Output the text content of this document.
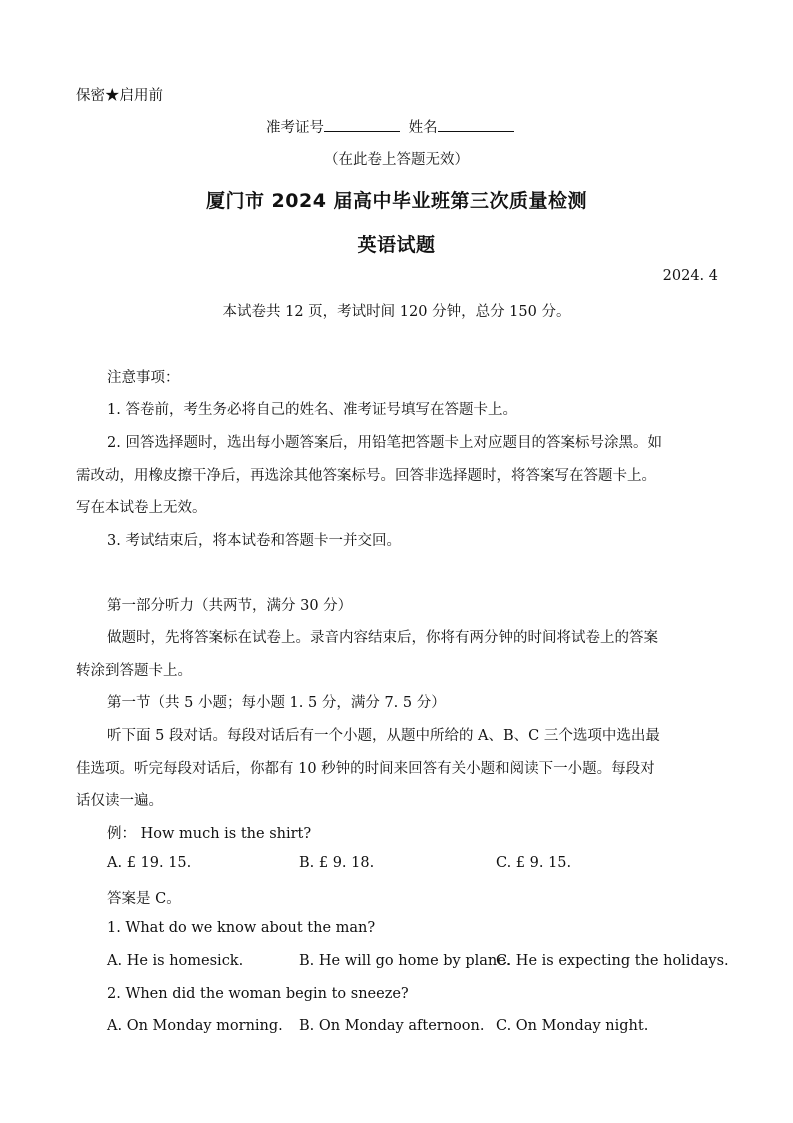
保密★启用前
准考证号	姓名
（在此卷上答题无效）
厦门市 2024 届高中毕业班第三次质量检测
英语试题
2024. 4
本试卷共 12 页，考试时间 120 分钟，总分 150 分。
注意事项：
1. 答卷前，考生务必将自己的姓名、准考证号填写在答题卡上。
2. 回答选择题时，选出每小题答案后，用铅笔把答题卡上对应题目的答案标号涂黑。如
需改动，用橡皮擦干净后，再选涂其他答案标号。回答非选择题时，将答案写在答题卡上。
写在本试卷上无效。
3. 考试结束后，将本试卷和答题卡一并交回。
第一部分听力（共两节，满分 30 分）
做题时，先将答案标在试卷上。录音内容结束后，你将有两分钟的时间将试卷上的答案
转涂到答题卡上。
第一节（共 5 小题；每小题 1. 5 分，满分 7. 5 分）
听下面 5 段对话。每段对话后有一个小题，从题中所给的 A、B、C 三个选项中选出最
佳选项。听完每段对话后，你都有 10 秒钟的时间来回答有关小题和阅读下一小题。每段对
话仅读一遍。
例： How much is the shirt?
A. £ 19. 15.	B. £ 9. 18.	C. £ 9. 15.
答案是 C。
1. What do we know about the man?
A. He is homesick.	B. He will go home by plane.
C. He is expecting the holidays.
2. When did the woman begin to sneeze?
A. On Monday morning. B. On Monday afternoon. C. On Monday night.
